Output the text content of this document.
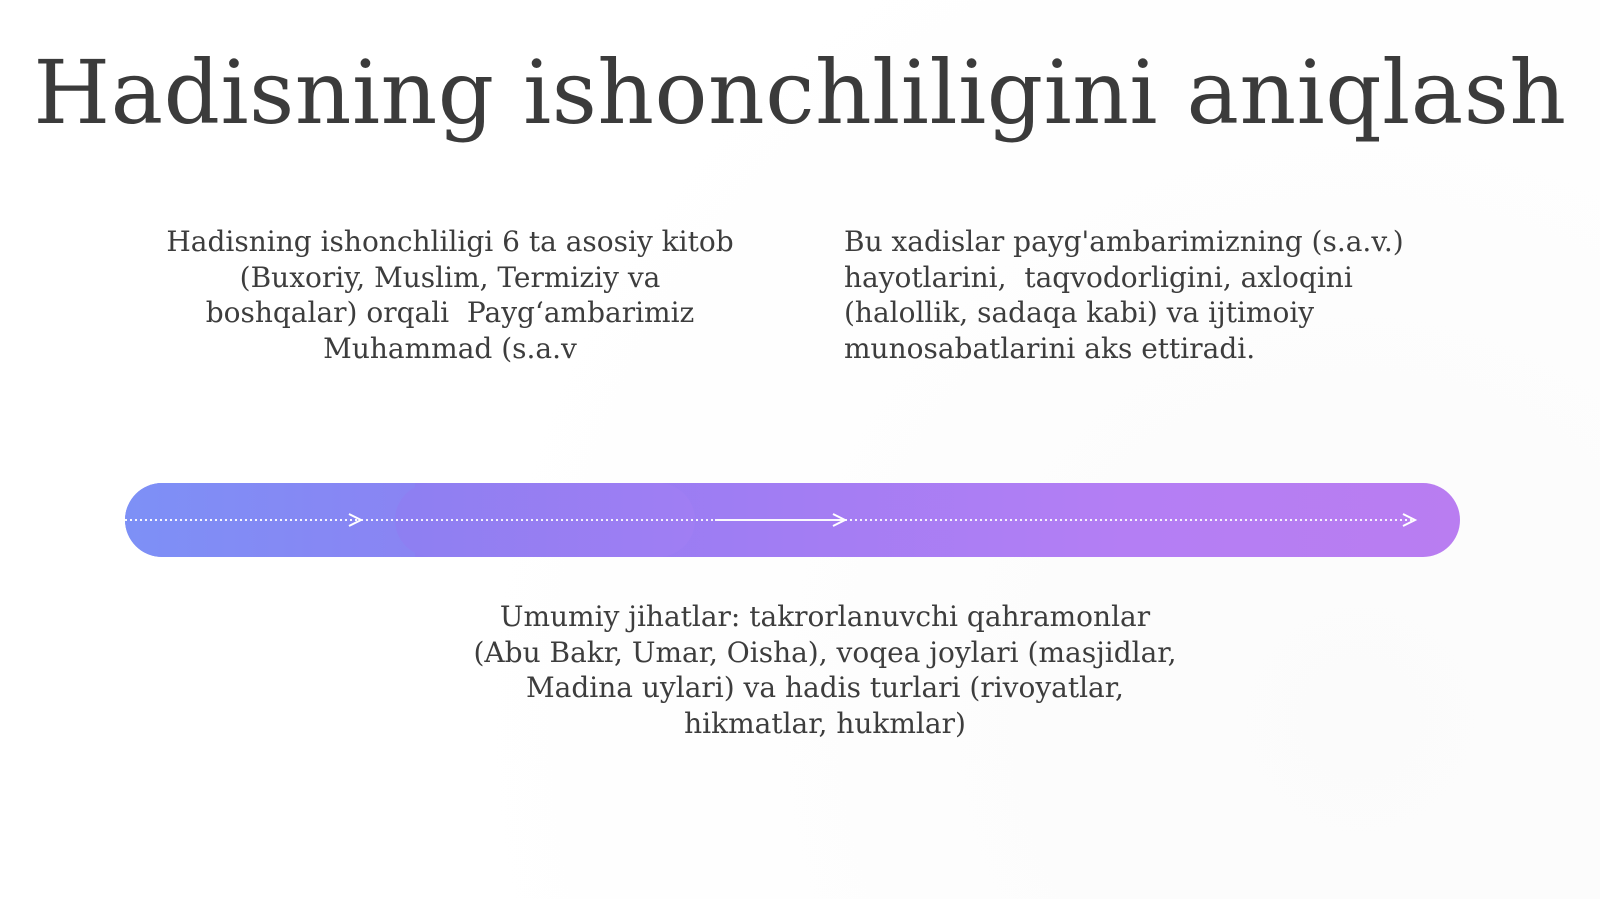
Hadisning ishonchliligini aniqlash
Hadisning ishonchliligi 6 ta asosiy kitob
(Buxoriy, Muslim, Termiziy va
boshqalar) orqali  Payg‘ambarimiz
Muhammad (s.a.v
Bu xadislar payg'ambarimizning (s.a.v.)
hayotlarini,  taqvodorligini, axloqini
(halollik, sadaqa kabi) va ijtimoiy
munosabatlarini aks ettiradi.
Umumiy jihatlar: takrorlanuvchi qahramonlar
(Abu Bakr, Umar, Oisha), voqea joylari (masjidlar,
Madina uylari) va hadis turlari (rivoyatlar,
hikmatlar, hukmlar)
